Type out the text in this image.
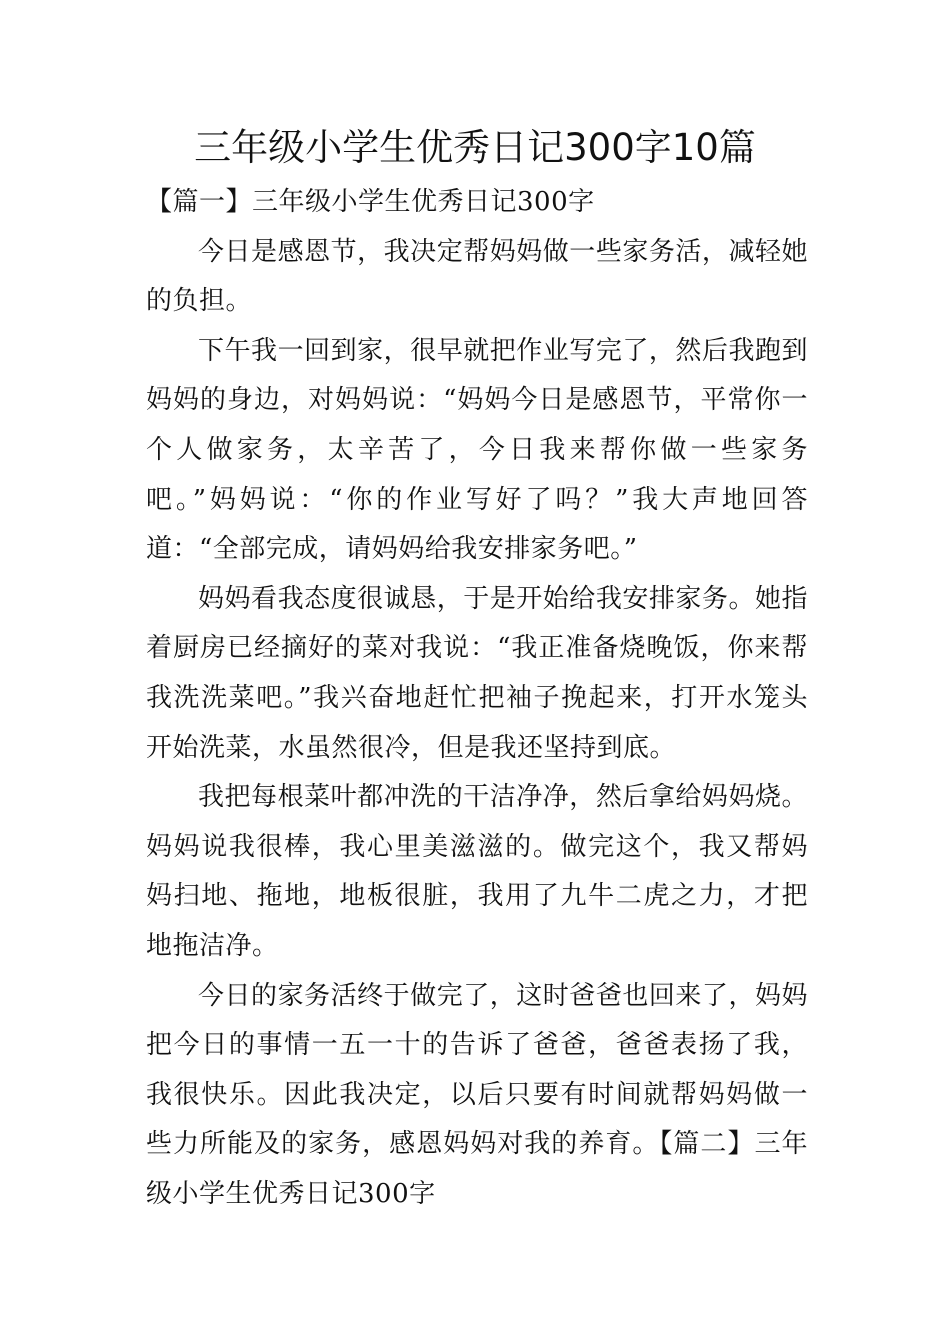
三年级小学生优秀日记300字10篇
【篇一】三年级小学生优秀日记300字

今日是感恩节，我决定帮妈妈做一些家务活，减轻她的负担。

下午我一回到家，很早就把作业写完了，然后我跑到妈妈的身边，对妈妈说：“妈妈今日是感恩节，平常你一个人做家务，太辛苦了，今日我来帮你做一些家务吧。”妈妈说：“你的作业写好了吗？”我大声地回答道：“全部完成，请妈妈给我安排家务吧。”

妈妈看我态度很诚恳，于是开始给我安排家务。她指着厨房已经摘好的菜对我说：“我正准备烧晚饭，你来帮我洗洗菜吧。”我兴奋地赶忙把袖子挽起来，打开水笼头开始洗菜，水虽然很冷，但是我还坚持到底。

我把每根菜叶都冲洗的干洁净净，然后拿给妈妈烧。妈妈说我很棒，我心里美滋滋的。做完这个，我又帮妈妈扫地、拖地，地板很脏，我用了九牛二虎之力，才把地拖洁净。

今日的家务活终于做完了，这时爸爸也回来了，妈妈把今日的事情一五一十的告诉了爸爸，爸爸表扬了我，我很快乐。因此我决定，以后只要有时间就帮妈妈做一些力所能及的家务，感恩妈妈对我的养育。【篇二】三年级小学生优秀日记300字
